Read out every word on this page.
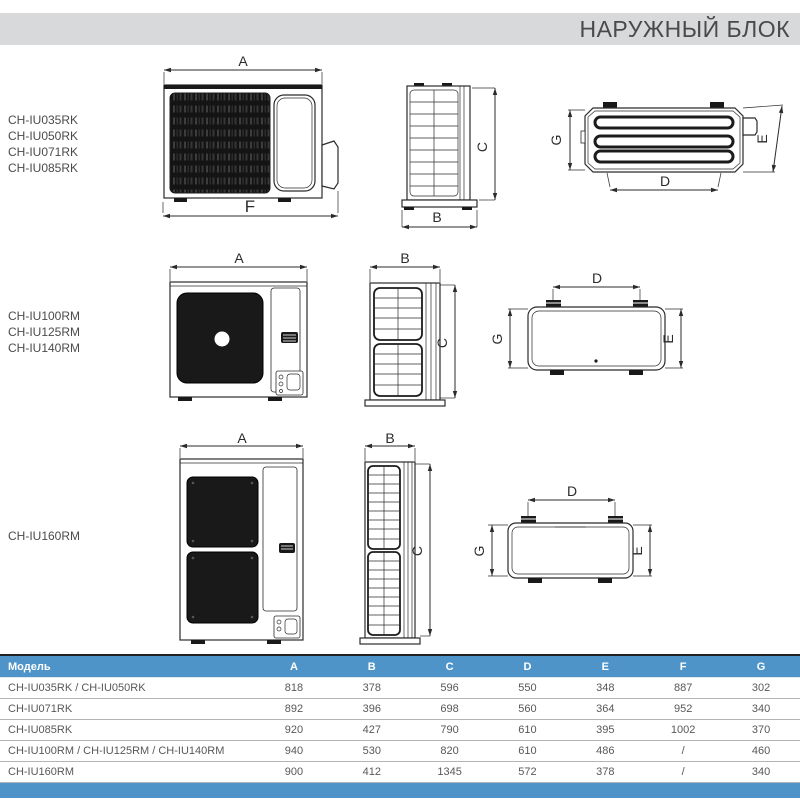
НАРУЖНЫЙ БЛОК
CH-IU035RK
CH-IU050RK
CH-IU071RK
CH-IU085RK
CH-IU100RM
CH-IU125RM
CH-IU140RM
CH-IU160RM
A
F
B
C
G	E
D
A	B
C
D
G	E
A	B
C
D
G	E
Модель	A	B	C	D	E	F	G
CH-IU035RK / CH-IU050RK	818	378	596	550	348	887	302
CH-IU071RK	892	396	698	560	364	952	340
CH-IU085RK	920	427	790	610	395	1002	370
CH-IU100RM / CH-IU125RM / CH-IU140RM	940	530	820	610	486	/	460
CH-IU160RM	900	412	1345	572	378	/	340
